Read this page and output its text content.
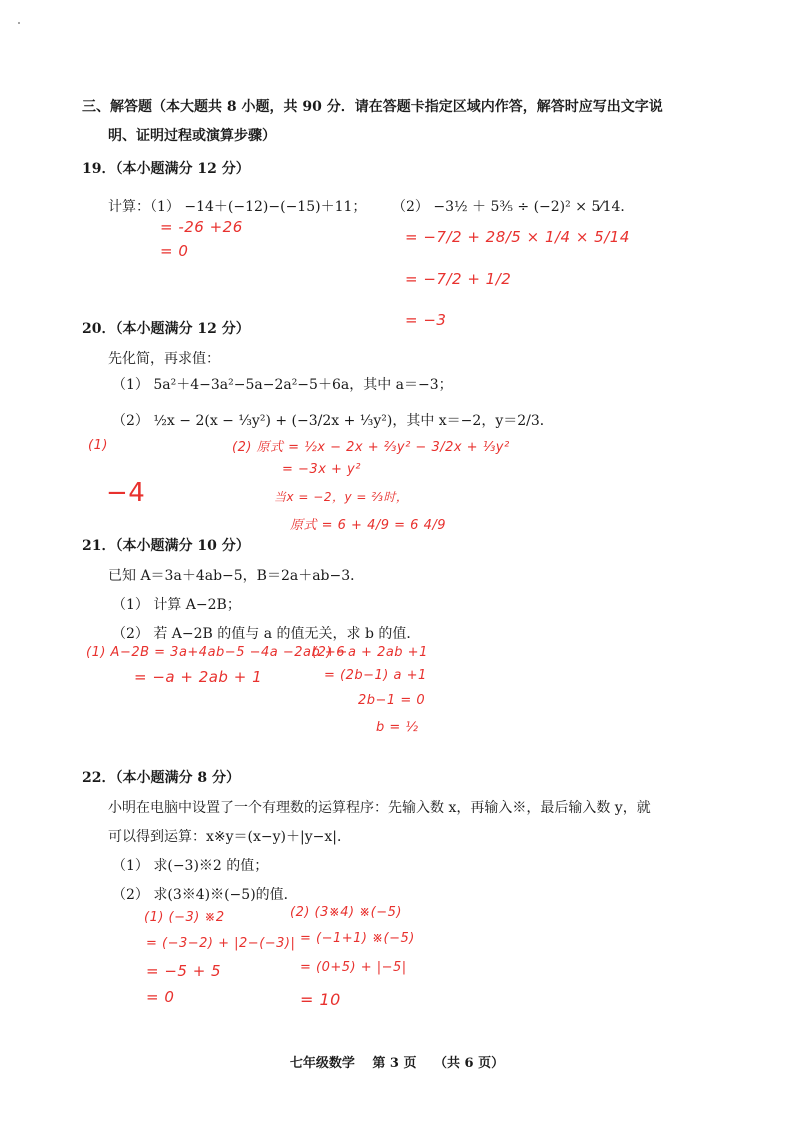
三、解答题（本大题共 8 小题，共 90 分．请在答题卡指定区域内作答，解答时应写出文字说
明、证明过程或演算步骤）
19．（本小题满分 12 分）
计算：（1） −14＋(−12)−(−15)＋11； （2） −3½ ＋ 5³⁄₅ ÷ (−2)² × 5⁄14．
= -26 +26
= 0
= −7/2 + 28/5 × 1/4 × 5/14
= −7/2 + 1/2
= −3
20．（本小题满分 12 分）
先化简，再求值：
（1） 5a²＋4−3a²−5a−2a²−5＋6a，其中 a＝−3；
（2） ½x − 2(x − ⅓y²) + (−3/2x + ⅓y²)，其中 x＝−2，y＝2/3．
(1)
−4
(2) 原式 = ½x − 2x + ⅔y² − 3/2x + ⅓y²
= −3x + y²
当x = −2，y = ⅔时，
原式 = 6 + 4/9 = 6 4/9
21．（本小题满分 10 分）
已知 A＝3a＋4ab−5，B＝2a＋ab−3．
（1） 计算 A−2B；
（2） 若 A−2B 的值与 a 的值无关，求 b 的值．
(1) A−2B = 3a+4ab−5 −4a −2ab +6
= −a + 2ab + 1
(2) −a + 2ab +1
= (2b−1) a +1
2b−1 = 0
b = ½
22．（本小题满分 8 分）
小明在电脑中设置了一个有理数的运算程序：先输入数 x，再输入※，最后输入数 y，就
可以得到运算：x※y＝(x−y)＋|y−x|．
（1） 求(−3)※2 的值；
（2） 求(3※4)※(−5)的值．
(1) (−3) ※2
= (−3−2) + |2−(−3)|
= −5 + 5
= 0
(2) (3※4) ※(−5)
= (−1+1) ※(−5)
= (0+5) + |−5|
= 10
七年级数学　 第 3 页　 （共 6 页）
